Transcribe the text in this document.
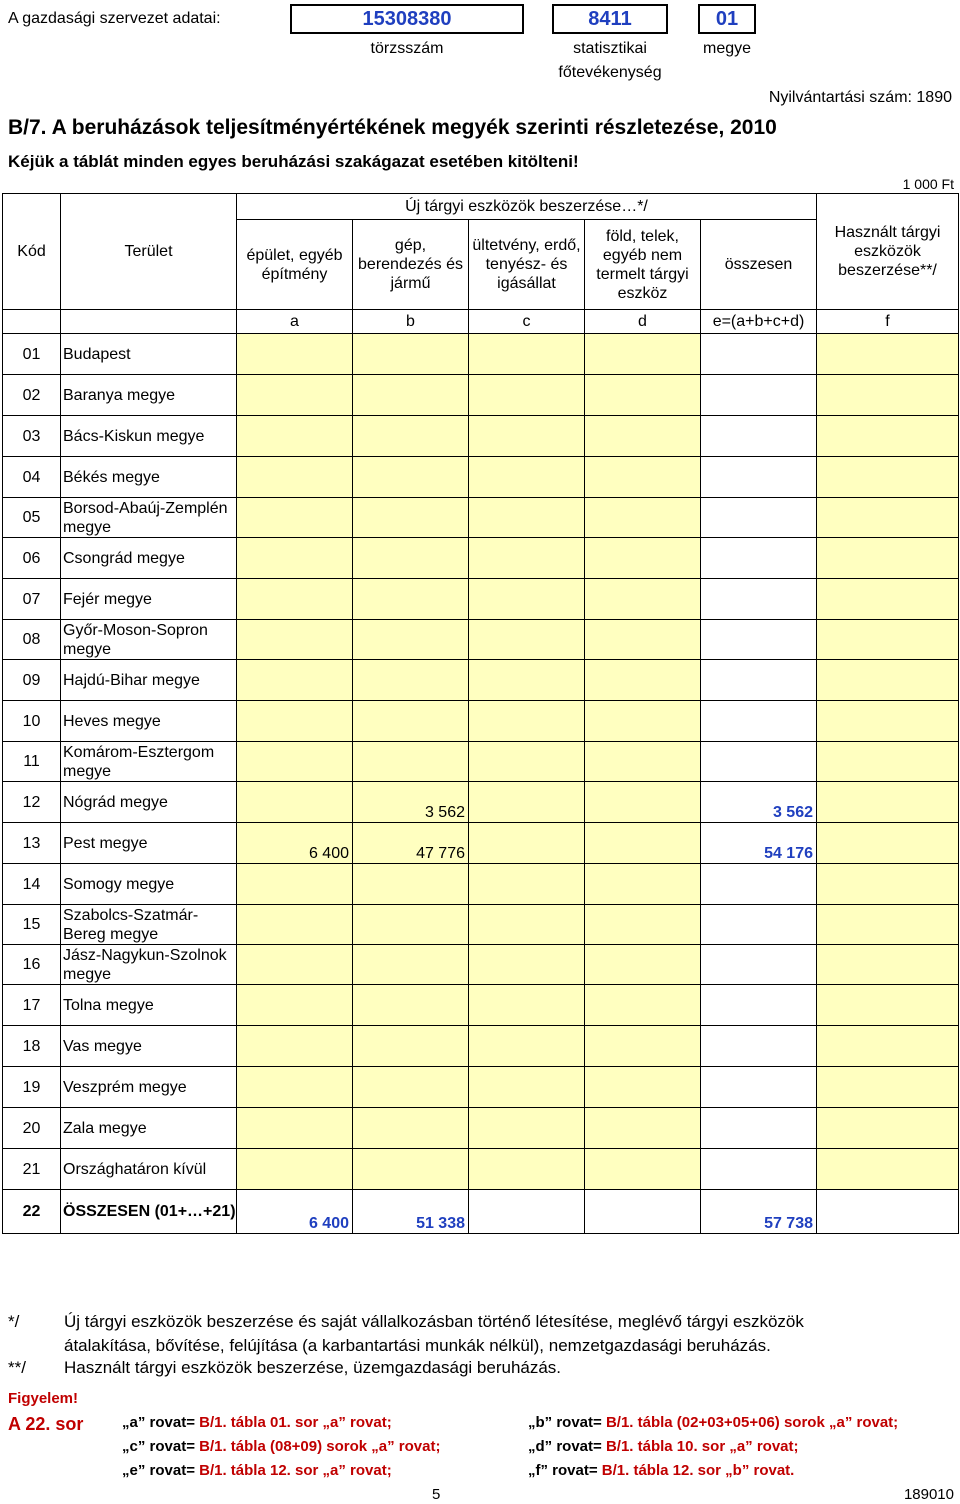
A gazdasági szervezet adatai:	15308380	8411	01
törzsszám	statisztikai
főtevékenység
megye
Nyilvántartási szám: 1890
B/7. A beruházások teljesítményértékének megyék szerinti részletezése, 2010
Kéjük a táblát minden egyes beruházási szakágazat esetében kitölteni!
1 000 Ft
Kód	Terület	Új tárgyi eszközök beszerzése…*/					Használt tárgyi eszközök beszerzése**/
		épület, egyéb építmény	gép, berendezés és jármű	ültetvény, erdő, tenyész- és igásállat	föld, telek, egyéb nem termelt tárgyi eszköz	összesen	
		a	b	c	d	e=(a+b+c+d)	f
01	Budapest						
02	Baranya megye						
03	Bács-Kiskun megye						
04	Békés megye						
05	Borsod-Abaúj-Zemplén megye						
06	Csongrád megye						
07	Fejér megye						
08	Győr-Moson-Sopron megye						
09	Hajdú-Bihar megye						
10	Heves megye						
11	Komárom-Esztergom megye						
12	Nógrád megye		3 562			3 562	
13	Pest megye	6 400	47 776			54 176	
14	Somogy megye						
15	Szabolcs-Szatmár-Bereg megye						
16	Jász-Nagykun-Szolnok megye						
17	Tolna megye						
18	Vas megye						
19	Veszprém megye						
20	Zala megye						
21	Országhatáron kívül						
22	ÖSSZESEN (01+…+21)	6 400	51 338			57 738	
*/	Új tárgyi eszközök beszerzése és saját vállalkozásban történő létesítése, meglévő tárgyi eszközök
átalakítása, bővítése, felújítása (a karbantartási munkák nélkül), nemzetgazdasági beruházás.
**/ Használt tárgyi eszközök beszerzése, üzemgazdasági beruházás.
Figyelem!
A 22. sor	„a” rovat= B/1. tábla 01. sor „a” rovat;	„b” rovat= B/1. tábla (02+03+05+06) sorok „a” rovat;
„c” rovat= B/1. tábla (08+09) sorok „a” rovat;	„d” rovat= B/1. tábla 10. sor „a” rovat;
„e” rovat= B/1. tábla 12. sor „a” rovat;	„f” rovat= B/1. tábla 12. sor „b” rovat.
5	189010
